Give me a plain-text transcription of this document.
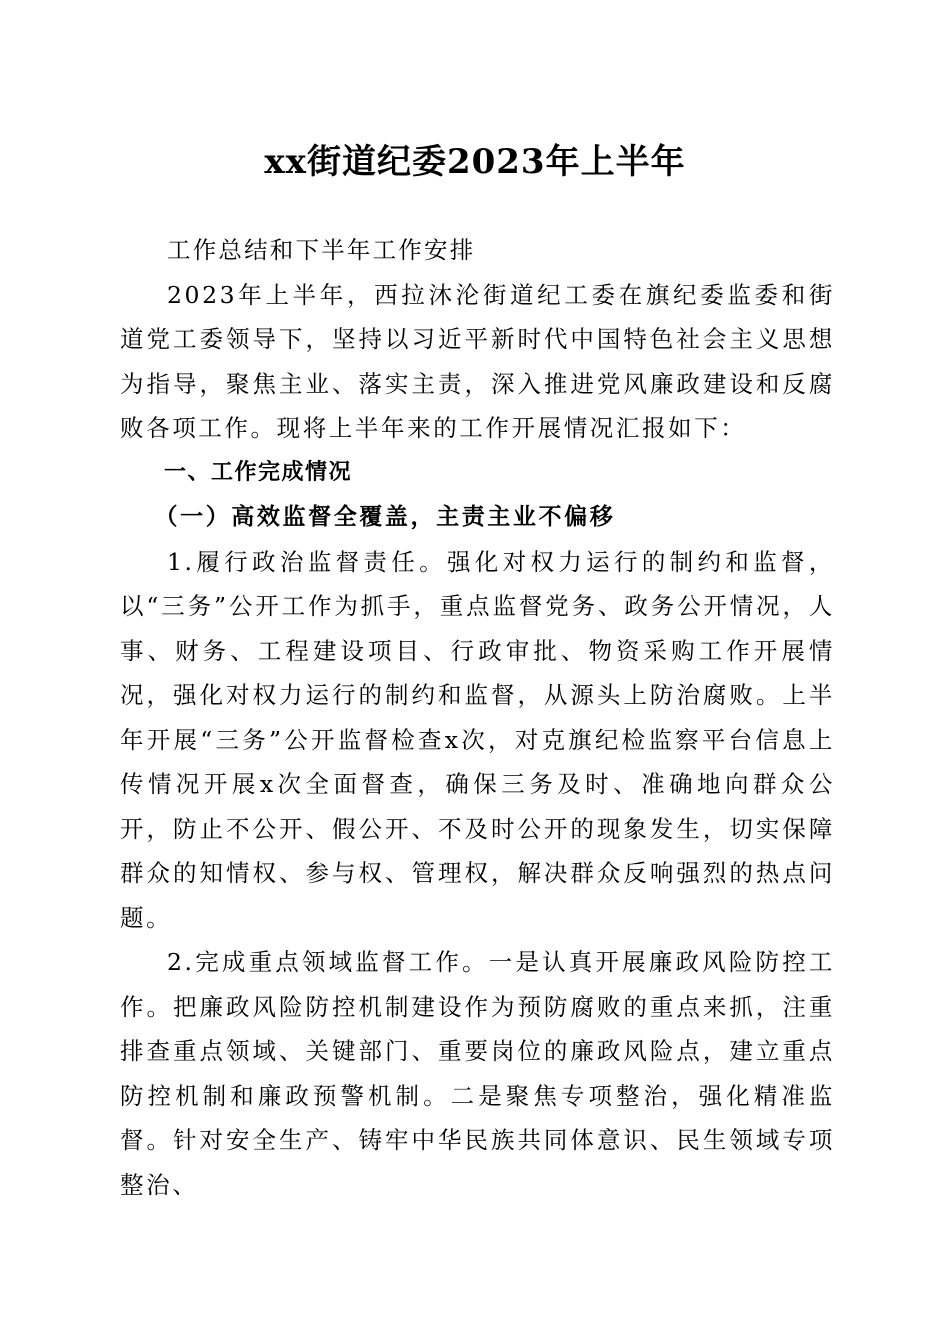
xx街道纪委2023年上半年

工作总结和下半年工作安排

2023年上半年，西拉沐沦街道纪工委在旗纪委监委和街道党工委领导下，坚持以习近平新时代中国特色社会主义思想为指导，聚焦主业、落实主责，深入推进党风廉政建设和反腐败各项工作。现将上半年来的工作开展情况汇报如下：

一、工作完成情况

（一）高效监督全覆盖，主责主业不偏移

1.履行政治监督责任。强化对权力运行的制约和监督，以“三务”公开工作为抓手，重点监督党务、政务公开情况，人事、财务、工程建设项目、行政审批、物资采购工作开展情况，强化对权力运行的制约和监督，从源头上防治腐败。上半年开展“三务”公开监督检查x次，对克旗纪检监察平台信息上传情况开展x次全面督查，确保三务及时、准确地向群众公开，防止不公开、假公开、不及时公开的现象发生，切实保障群众的知情权、参与权、管理权，解决群众反响强烈的热点问题。

2.完成重点领域监督工作。一是认真开展廉政风险防控工作。把廉政风险防控机制建设作为预防腐败的重点来抓，注重排查重点领域、关键部门、重要岗位的廉政风险点，建立重点防控机制和廉政预警机制。二是聚焦专项整治，强化精准监督。针对安全生产、铸牢中华民族共同体意识、民生领域专项整治、
